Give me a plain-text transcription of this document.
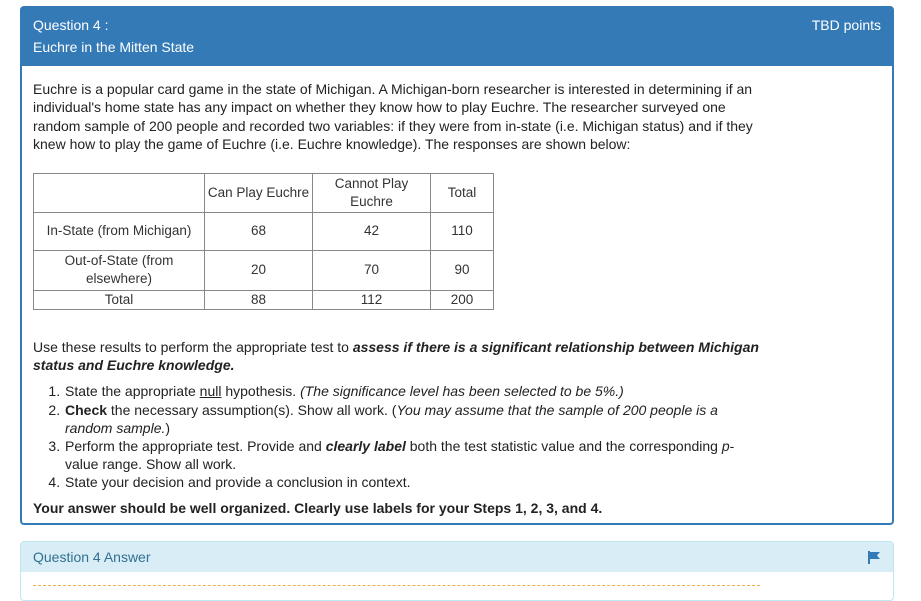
Question 4 :
Euchre in the Mitten State
TBD points

Euchre is a popular card game in the state of Michigan. A Michigan-born researcher is interested in determining if an individual's home state has any impact on whether they know how to play Euchre. The researcher surveyed one random sample of 200 people and recorded two variables: if they were from in-state (i.e. Michigan status) and if they knew how to play the game of Euchre (i.e. Euchre knowledge). The responses are shown below:

	Can Play Euchre	Cannot Play Euchre	Total
In-State (from Michigan)	68	42	110
Out-of-State (from elsewhere)	20	70	90
Total	88	112	200

Use these results to perform the appropriate test to assess if there is a significant relationship between Michigan status and Euchre knowledge.

1. State the appropriate null hypothesis. (The significance level has been selected to be 5%.)
2. Check the necessary assumption(s). Show all work. (You may assume that the sample of 200 people is a random sample.)
3. Perform the appropriate test. Provide and clearly label both the test statistic value and the corresponding p-value range. Show all work.
4. State your decision and provide a conclusion in context.

Your answer should be well organized. Clearly use labels for your Steps 1, 2, 3, and 4.

Question 4 Answer
